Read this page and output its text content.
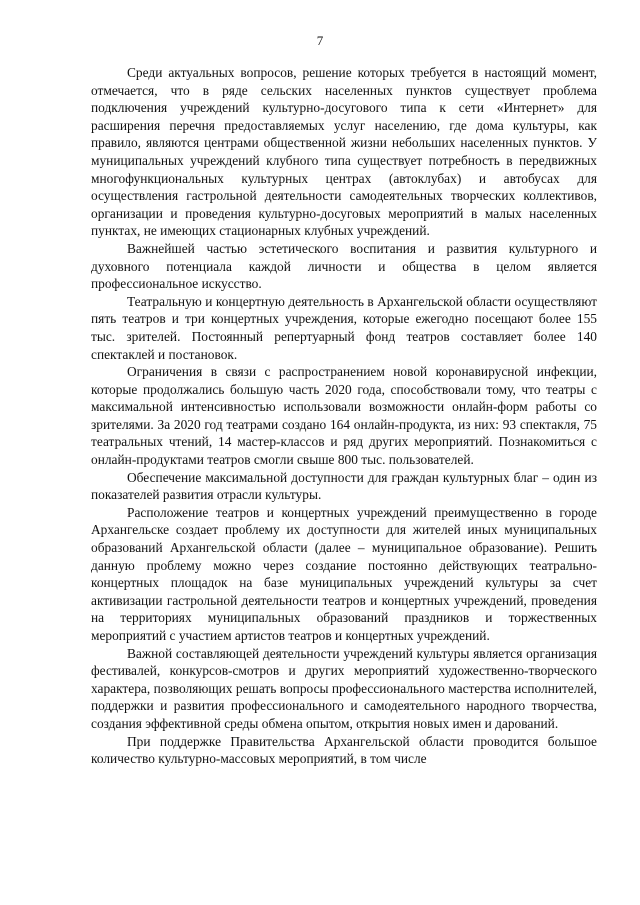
7

Среди актуальных вопросов, решение которых требуется в настоящий момент, отмечается, что в ряде сельских населенных пунктов существует проблема подключения учреждений культурно-досугового типа к сети «Интернет» для расширения перечня предоставляемых услуг населению, где дома культуры, как правило, являются центрами общественной жизни небольших населенных пунктов. У муниципальных учреждений клубного типа существует потребность в передвижных многофункциональных культурных центрах (автоклубах) и автобусах для осуществления гастрольной деятельности самодеятельных творческих коллективов, организации и проведения культурно-досуговых мероприятий в малых населенных пунктах, не имеющих стационарных клубных учреждений.

Важнейшей частью эстетического воспитания и развития культурного и духовного потенциала каждой личности и общества в целом является профессиональное искусство.

Театральную и концертную деятельность в Архангельской области осуществляют пять театров и три концертных учреждения, которые ежегодно посещают более 155 тыс. зрителей. Постоянный репертуарный фонд театров составляет более 140 спектаклей и постановок.

Ограничения в связи с распространением новой коронавирусной инфекции, которые продолжались большую часть 2020 года, способствовали тому, что театры с максимальной интенсивностью использовали возможности онлайн-форм работы со зрителями. За 2020 год театрами создано 164 онлайн-продукта, из них: 93 спектакля, 75 театральных чтений, 14 мастер-классов и ряд других мероприятий. Познакомиться с онлайн-продуктами театров смогли свыше 800 тыс. пользователей.

Обеспечение максимальной доступности для граждан культурных благ – один из показателей развития отрасли культуры.

Расположение театров и концертных учреждений преимущественно в городе Архангельске создает проблему их доступности для жителей иных муниципальных образований Архангельской области (далее – муниципальное образование). Решить данную проблему можно через создание постоянно действующих театрально-концертных площадок на базе муниципальных учреждений культуры за счет активизации гастрольной деятельности театров и концертных учреждений, проведения на территориях муниципальных образований праздников и торжественных мероприятий с участием артистов театров и концертных учреждений.

Важной составляющей деятельности учреждений культуры является организация фестивалей, конкурсов-смотров и других мероприятий художественно-творческого характера, позволяющих решать вопросы профессионального мастерства исполнителей, поддержки и развития профессионального и самодеятельного народного творчества, создания эффективной среды обмена опытом, открытия новых имен и дарований.

При поддержке Правительства Архангельской области проводится большое количество культурно-массовых мероприятий, в том числе
